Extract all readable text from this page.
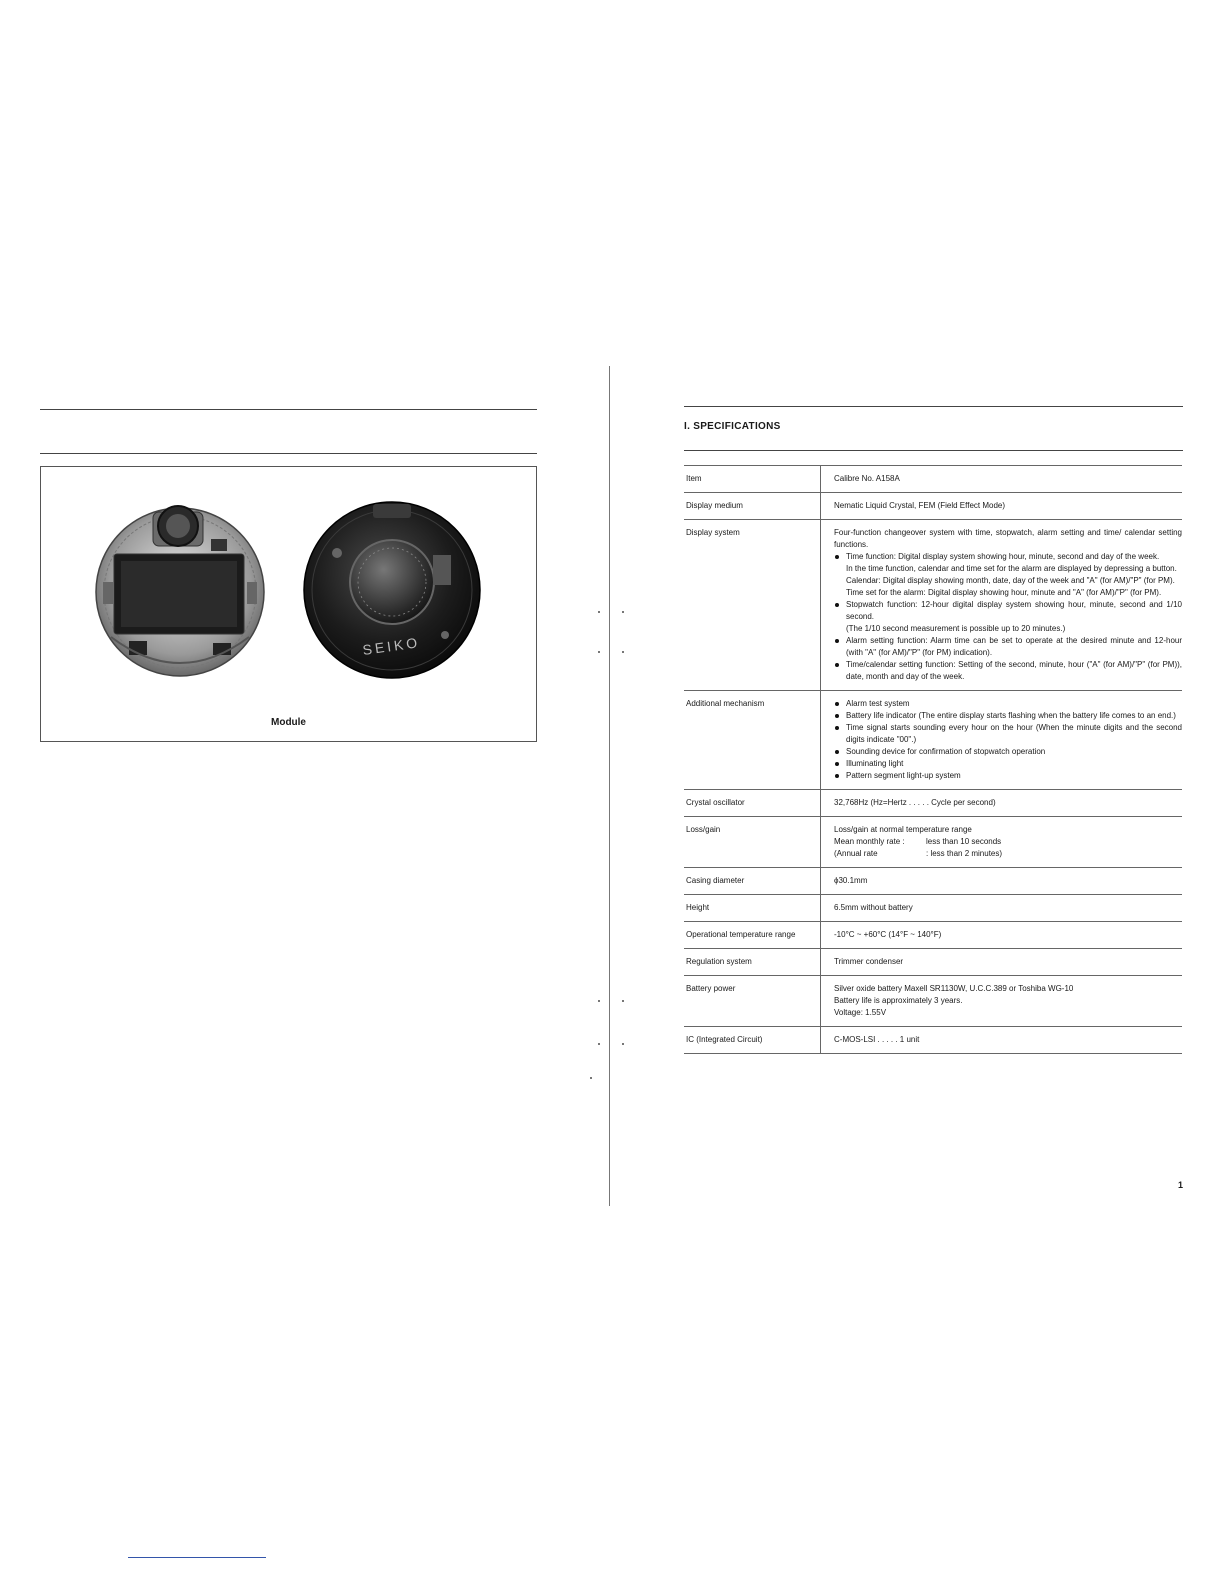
SEIKO
Module
I. SPECIFICATIONS
Item	Calibre No. A158A
Display medium	Nematic Liquid Crystal, FEM (Field Effect Mode)
Display system	Four-function changeover system with time, stopwatch, alarm setting and time/ calendar setting functions.

Time function: Digital display system showing hour, minute, second and day of the week.
In the time function, calendar and time set for the alarm are displayed by depressing a button.
Calendar: Digital display showing month, date, day of the week and "A" (for AM)/"P" (for PM).
Time set for the alarm: Digital display showing hour, minute and "A" (for AM)/"P" (for PM).
Stopwatch function: 12-hour digital display system showing hour, minute, second and 1/10 second.
(The 1/10 second measurement is possible up to 20 minutes.)
Alarm setting function: Alarm time can be set to operate at the desired minute and 12-hour (with "A" (for AM)/"P" (for PM) indication).
Time/calendar setting function: Setting of the second, minute, hour ("A" (for AM)/"P" (for PM)), date, month and day of the week.
Additional mechanism	Alarm test system
Battery life indicator (The entire display starts flashing when the battery life comes to an end.)
Time signal starts sounding every hour on the hour (When the minute digits and the second digits indicate "00".)
Sounding device for confirmation of stopwatch operation
Illuminating light
Pattern segment light-up system
Crystal oscillator	32,768Hz (Hz=Hertz . . . . . Cycle per second)
Loss/gain	Loss/gain at normal temperature range

Mean monthly rate :	less than 10 seconds
(Annual rate	: less than 2 minutes)
Casing diameter	ϕ30.1mm
Height	6.5mm without battery
Operational temperature range	-10°C ~ +60°C (14°F ~ 140°F)
Regulation system	Trimmer condenser
Battery power	Silver oxide battery Maxell SR1130W, U.C.C.389 or Toshiba WG-10

Battery life is approximately 3 years.

Voltage: 1.55V

IC (Integrated Circuit)	C-MOS-LSI . . . . . 1 unit
1
